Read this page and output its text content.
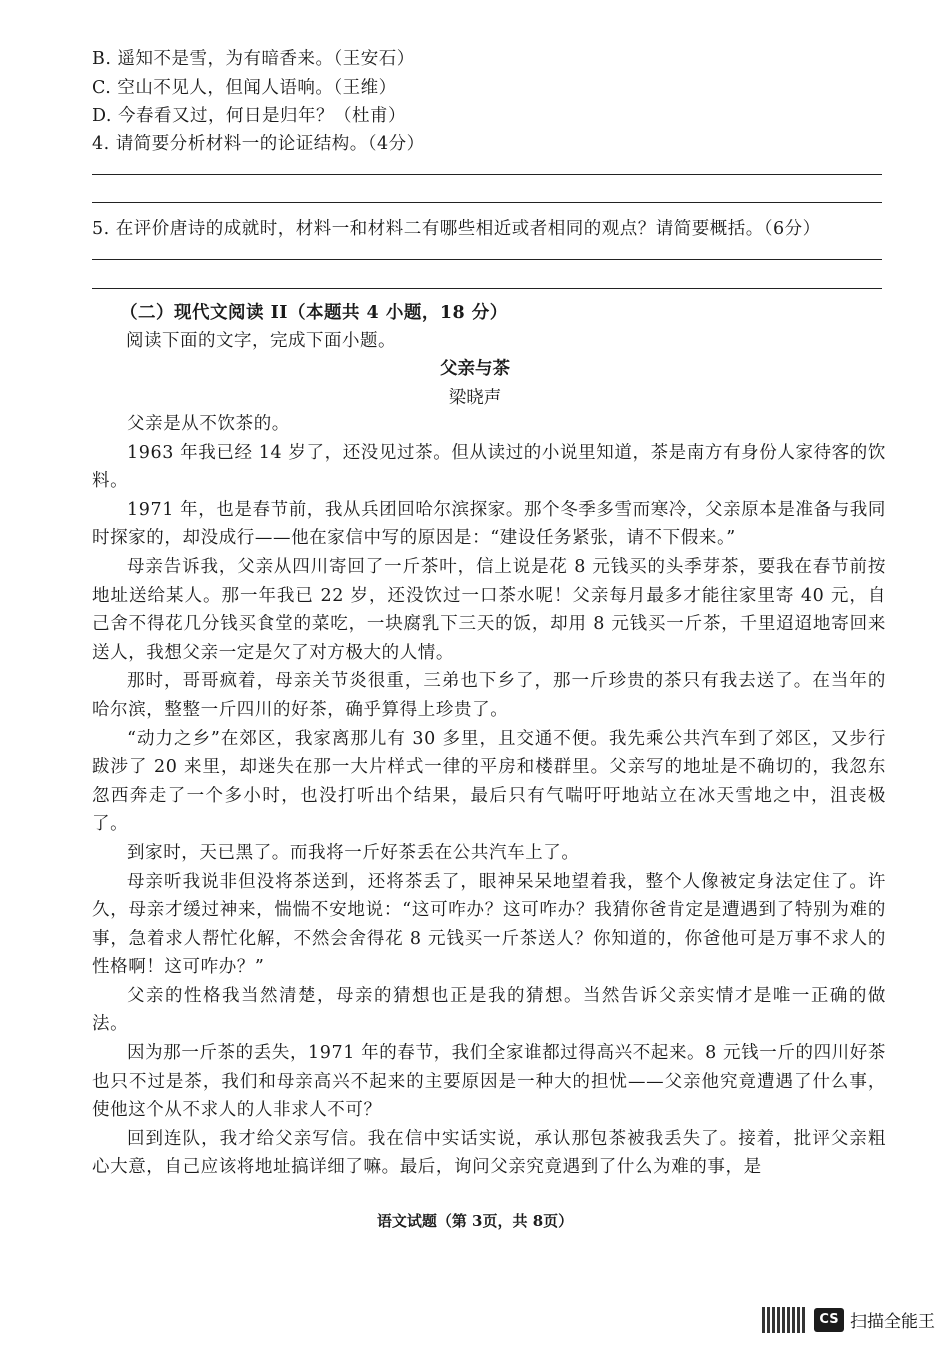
B. 遥知不是雪，为有暗香来。（王安石）
C. 空山不见人，但闻人语响。（王维）
D. 今春看又过，何日是归年？（杜甫）
4. 请简要分析材料一的论证结构。（4分）
5. 在评价唐诗的成就时，材料一和材料二有哪些相近或者相同的观点？请简要概括。（6分）
（二）现代文阅读 II（本题共 4 小题，18 分）
阅读下面的文字，完成下面小题。
父亲与茶
梁晓声

父亲是从不饮茶的。

1963 年我已经 14 岁了，还没见过茶。但从读过的小说里知道，茶是南方有身份人家待客的饮料。

1971 年，也是春节前，我从兵团回哈尔滨探家。那个冬季多雪而寒冷，父亲原本是准备与我同时探家的，却没成行——他在家信中写的原因是：“建设任务紧张，请不下假来。”

母亲告诉我，父亲从四川寄回了一斤茶叶，信上说是花 8 元钱买的头季芽茶，要我在春节前按地址送给某人。那一年我已 22 岁，还没饮过一口茶水呢！父亲每月最多才能往家里寄 40 元，自己舍不得花几分钱买食堂的菜吃，一块腐乳下三天的饭，却用 8 元钱买一斤茶，千里迢迢地寄回来送人，我想父亲一定是欠了对方极大的人情。

那时，哥哥疯着，母亲关节炎很重，三弟也下乡了，那一斤珍贵的茶只有我去送了。在当年的哈尔滨，整整一斤四川的好茶，确乎算得上珍贵了。

“动力之乡”在郊区，我家离那儿有 30 多里，且交通不便。我先乘公共汽车到了郊区，又步行跋涉了 20 来里，却迷失在那一大片样式一律的平房和楼群里。父亲写的地址是不确切的，我忽东忽西奔走了一个多小时，也没打听出个结果，最后只有气喘吁吁地站立在冰天雪地之中，沮丧极了。

到家时，天已黑了。而我将一斤好茶丢在公共汽车上了。

母亲听我说非但没将茶送到，还将茶丢了，眼神呆呆地望着我，整个人像被定身法定住了。许久，母亲才缓过神来，惴惴不安地说：“这可咋办？这可咋办？我猜你爸肯定是遭遇到了特别为难的事，急着求人帮忙化解，不然会舍得花 8 元钱买一斤茶送人？你知道的，你爸他可是万事不求人的性格啊！这可咋办？”

父亲的性格我当然清楚，母亲的猜想也正是我的猜想。当然告诉父亲实情才是唯一正确的做法。

因为那一斤茶的丢失，1971 年的春节，我们全家谁都过得高兴不起来。8 元钱一斤的四川好茶也只不过是茶，我们和母亲高兴不起来的主要原因是一种大的担忧——父亲他究竟遭遇了什么事，使他这个从不求人的人非求人不可？

回到连队，我才给父亲写信。我在信中实话实说，承认那包茶被我丢失了。接着，批评父亲粗心大意，自己应该将地址搞详细了嘛。最后，询问父亲究竟遇到了什么为难的事，是

语文试题（第 3页，共 8页）
CS 扫描全能王
